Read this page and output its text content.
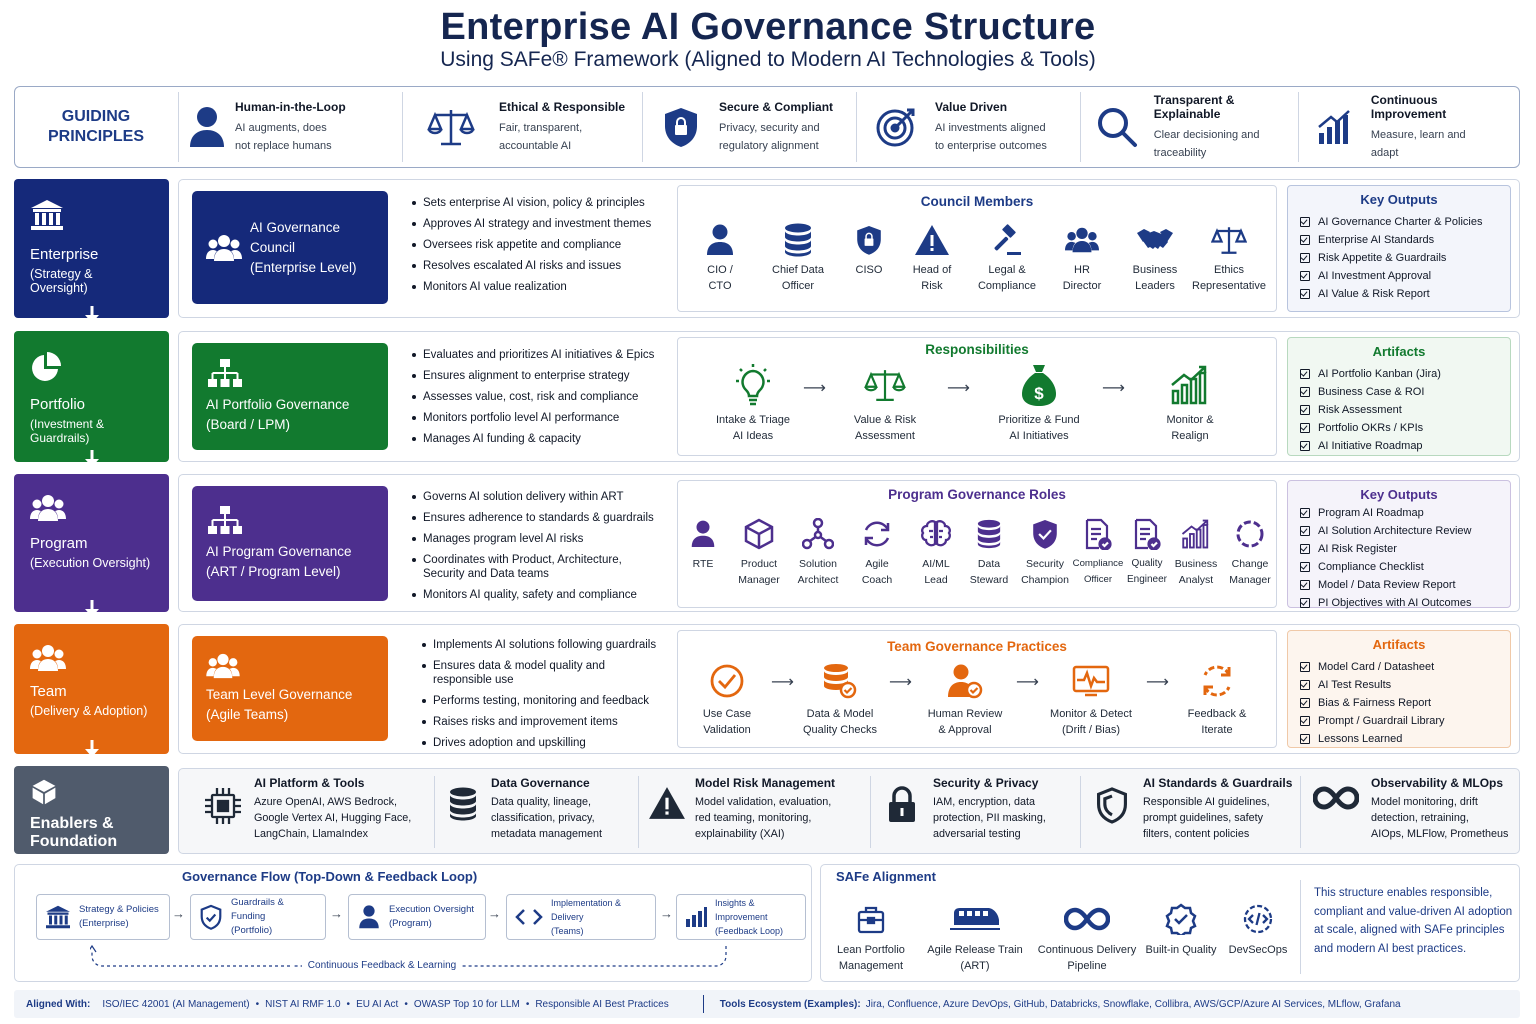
Enterprise AI Governance Structure
Using SAFe® Framework (Aligned to Modern AI Technologies & Tools)
GUIDING
PRINCIPLES
Human-in-the-Loop
AI augments, does
not replace humans
Ethical & Responsible
Fair, transparent,
accountable AI
Secure & Compliant
Privacy, security and
regulatory alignment
Value Driven
AI investments aligned
to enterprise outcomes
Transparent & Explainable
Clear decisioning and
traceability
Continuous Improvement
Measure, learn and
adapt
Enterprise
(Strategy & Oversight)
AI Governance Council
(Enterprise Level)
Sets enterprise AI vision, policy & principles
Approves AI strategy and investment themes
Oversees risk appetite and compliance
Resolves escalated AI risks and issues
Monitors AI value realization
Council Members
CIO /
CTO
Chief Data
Officer
CISO	Head of
Risk
Legal &
Compliance
HR
Director
Business
Leaders
Ethics
Representative
Key Outputs
AI Governance Charter & Policies
Enterprise AI Standards
Risk Appetite & Guardrails
AI Investment Approval
AI Value & Risk Report
Portfolio
(Investment & Guardrails)
AI Portfolio Governance
(Board / LPM)
Evaluates and prioritizes AI initiatives & Epics
Ensures alignment to enterprise strategy
Assesses value, cost, risk and compliance
Monitors portfolio level AI performance
Manages AI funding & capacity
Responsibilities
Intake & Triage
AI Ideas
⟶
Value & Risk
Assessment
⟶	$
Prioritize & Fund
AI Initiatives
⟶
Monitor &
Realign
Artifacts
AI Portfolio Kanban (Jira)
Business Case & ROI
Risk Assessment
Portfolio OKRs / KPIs
AI Initiative Roadmap
Program
(Execution Oversight)
AI Program Governance
(ART / Program Level)
Governs AI solution delivery within ART
Ensures adherence to standards & guardrails
Manages program level AI risks
Coordinates with Product, Architecture,
Security and Data teams
Monitors AI quality, safety and compliance
Program Governance Roles
RTE	Product
Manager
Solution
Architect
Agile
Coach
AI/ML
Lead
Data
Steward
Security
Champion
Compliance
Officer
Quality
Engineer
Business
Analyst
Change
Manager
Key Outputs
Program AI Roadmap
AI Solution Architecture Review
AI Risk Register
Compliance Checklist
Model / Data Review Report
PI Objectives with AI Outcomes
Team
(Delivery & Adoption)
Team Level Governance
(Agile Teams)
Implements AI solutions following guardrails
Ensures data & model quality and
responsible use
Performs testing, monitoring and feedback
Raises risks and improvement items
Drives adoption and upskilling
Team Governance Practices
Use Case
Validation
⟶
Data & Model
Quality Checks
⟶
Human Review
& Approval
⟶
Monitor & Detect
(Drift / Bias)
⟶
Feedback &
Iterate
Artifacts
Model Card / Datasheet
AI Test Results
Bias & Fairness Report
Prompt / Guardrail Library
Lessons Learned
Enablers &
Foundation
AI Platform & Tools
Azure OpenAI, AWS Bedrock,
Google Vertex AI, Hugging Face,
LangChain, LlamaIndex
Data Governance
Data quality, lineage,
classification, privacy,
metadata management
Model Risk Management
Model validation, evaluation,
red teaming, monitoring,
explainability (XAI)
Security & Privacy
IAM, encryption, data
protection, PII masking,
adversarial testing
AI Standards & Guardrails
Responsible AI guidelines,
prompt guidelines, safety
filters, content policies
Observability & MLOps
Model monitoring, drift
detection, retraining,
AIOps, MLFlow, Prometheus
Governance Flow (Top-Down & Feedback Loop)
Strategy & Policies
(Enterprise)
→
Guardrails & Funding
(Portfolio)
→	Execution Oversight
(Program)
→
Implementation & Delivery
(Teams)
→
Insights & Improvement
(Feedback Loop)
Continuous Feedback & Learning
SAFe Alignment
Lean Portfolio
Management
Agile Release Train
(ART)
Continuous Delivery
Pipeline
Built-in Quality	DevSecOps
This structure enables responsible, compliant and value-driven AI adoption at scale, aligned with SAFe principles and modern AI best practices.
Aligned With: ISO/IEC 42001 (AI Management) • NIST AI RMF 1.0 • EU AI Act • OWASP Top 10 for LLM • Responsible AI Best Practices	Tools Ecosystem (Examples): Jira, Confluence, Azure DevOps, GitHub, Databricks, Snowflake, Collibra, AWS/GCP/Azure AI Services, MLflow, Grafana
